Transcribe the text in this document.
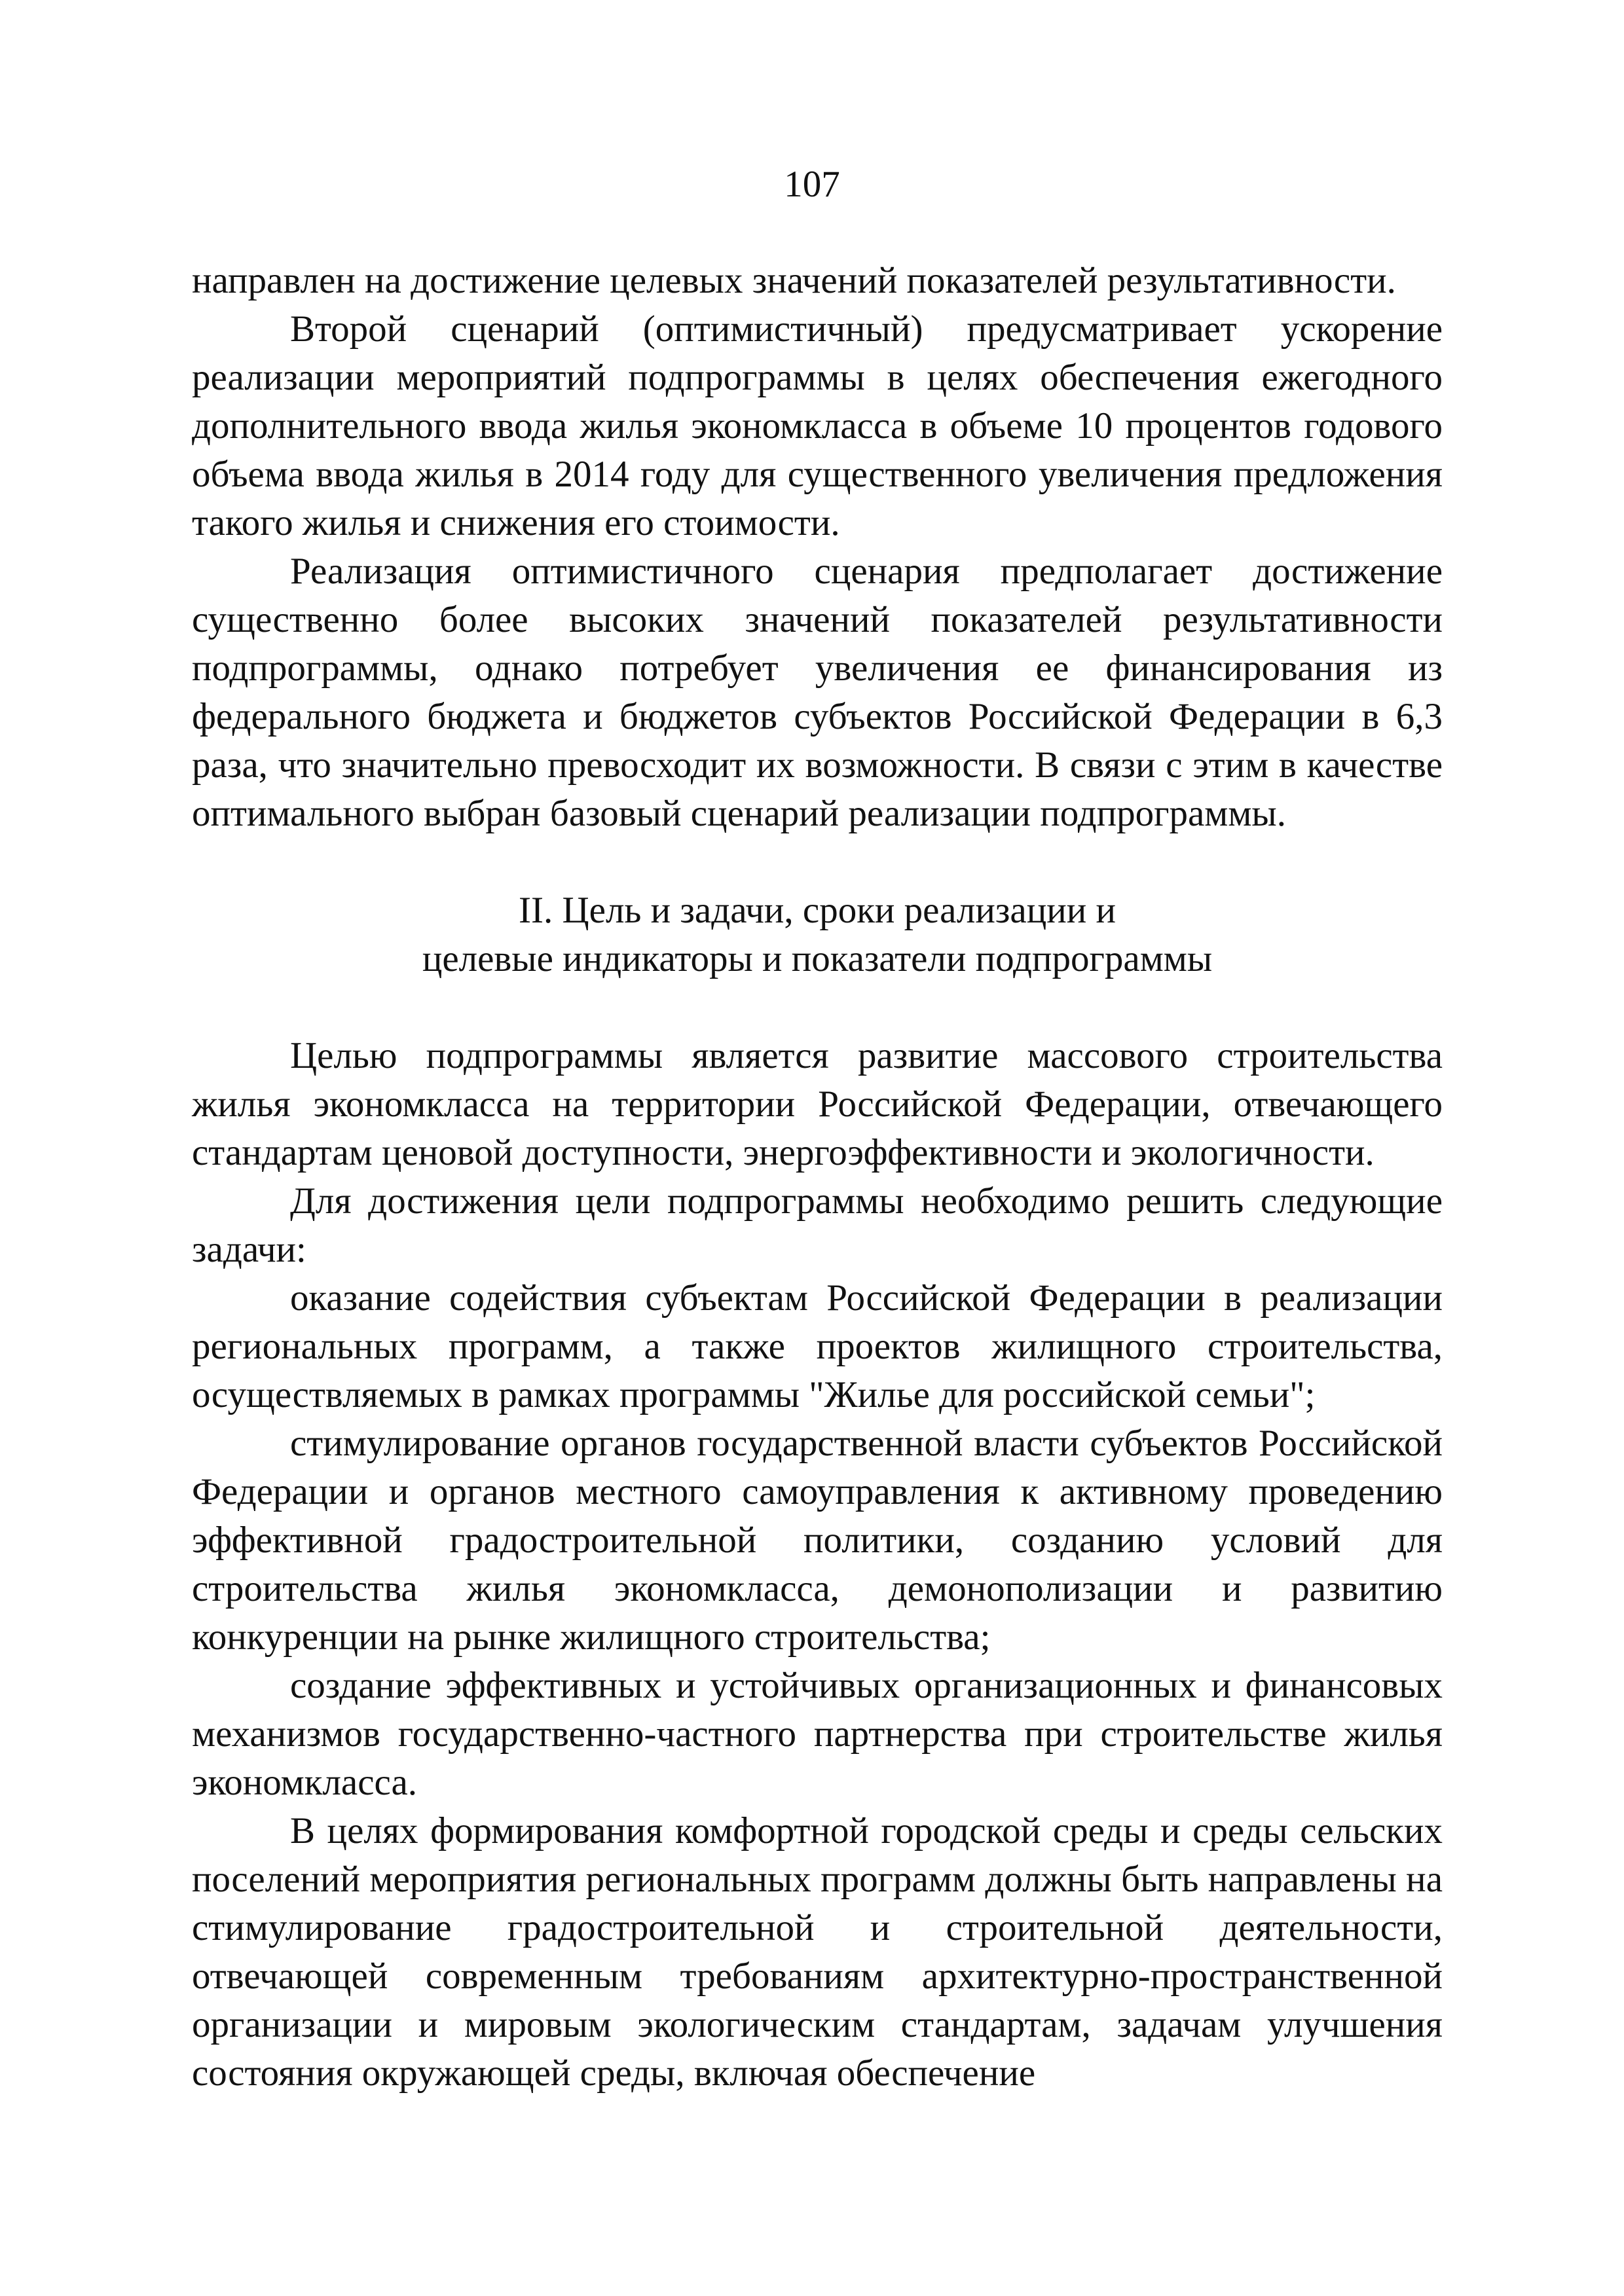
107

направлен на достижение целевых значений показателей результативности.

Второй сценарий (оптимистичный) предусматривает ускорение реализации мероприятий подпрограммы в целях обеспечения ежегодного дополнительного ввода жилья экономкласса в объеме 10 процентов годового объема ввода жилья в 2014 году для существенного увеличения предложения такого жилья и снижения его стоимости.

Реализация оптимистичного сценария предполагает достижение существенно более высоких значений показателей результативности подпрограммы, однако потребует увеличения ее финансирования из федерального бюджета и бюджетов субъектов Российской Федерации в 6,3 раза, что значительно превосходит их возможности. В связи с этим в качестве оптимального выбран базовый сценарий реализации подпрограммы.

II. Цель и задачи, сроки реализации и

целевые индикаторы и показатели подпрограммы

Целью подпрограммы является развитие массового строительства жилья экономкласса на территории Российской Федерации, отвечающего стандартам ценовой доступности, энергоэффективности и экологичности.

Для достижения цели подпрограммы необходимо решить следующие задачи:

оказание содействия субъектам Российской Федерации в реализации региональных программ, а также проектов жилищного строительства, осуществляемых в рамках программы "Жилье для российской семьи";

стимулирование органов государственной власти субъектов Российской Федерации и органов местного самоуправления к активному проведению эффективной градостроительной политики, созданию условий для строительства жилья экономкласса, демонополизации и развитию конкуренции на рынке жилищного строительства;

создание эффективных и устойчивых организационных и финансовых механизмов государственно-частного партнерства при строительстве жилья экономкласса.

В целях формирования комфортной городской среды и среды сельских поселений мероприятия региональных программ должны быть направлены на стимулирование градостроительной и строительной деятельности, отвечающей современным требованиям архитектурно-пространственной организации и мировым экологическим стандартам, задачам улучшения состояния окружающей среды, включая обеспечение
